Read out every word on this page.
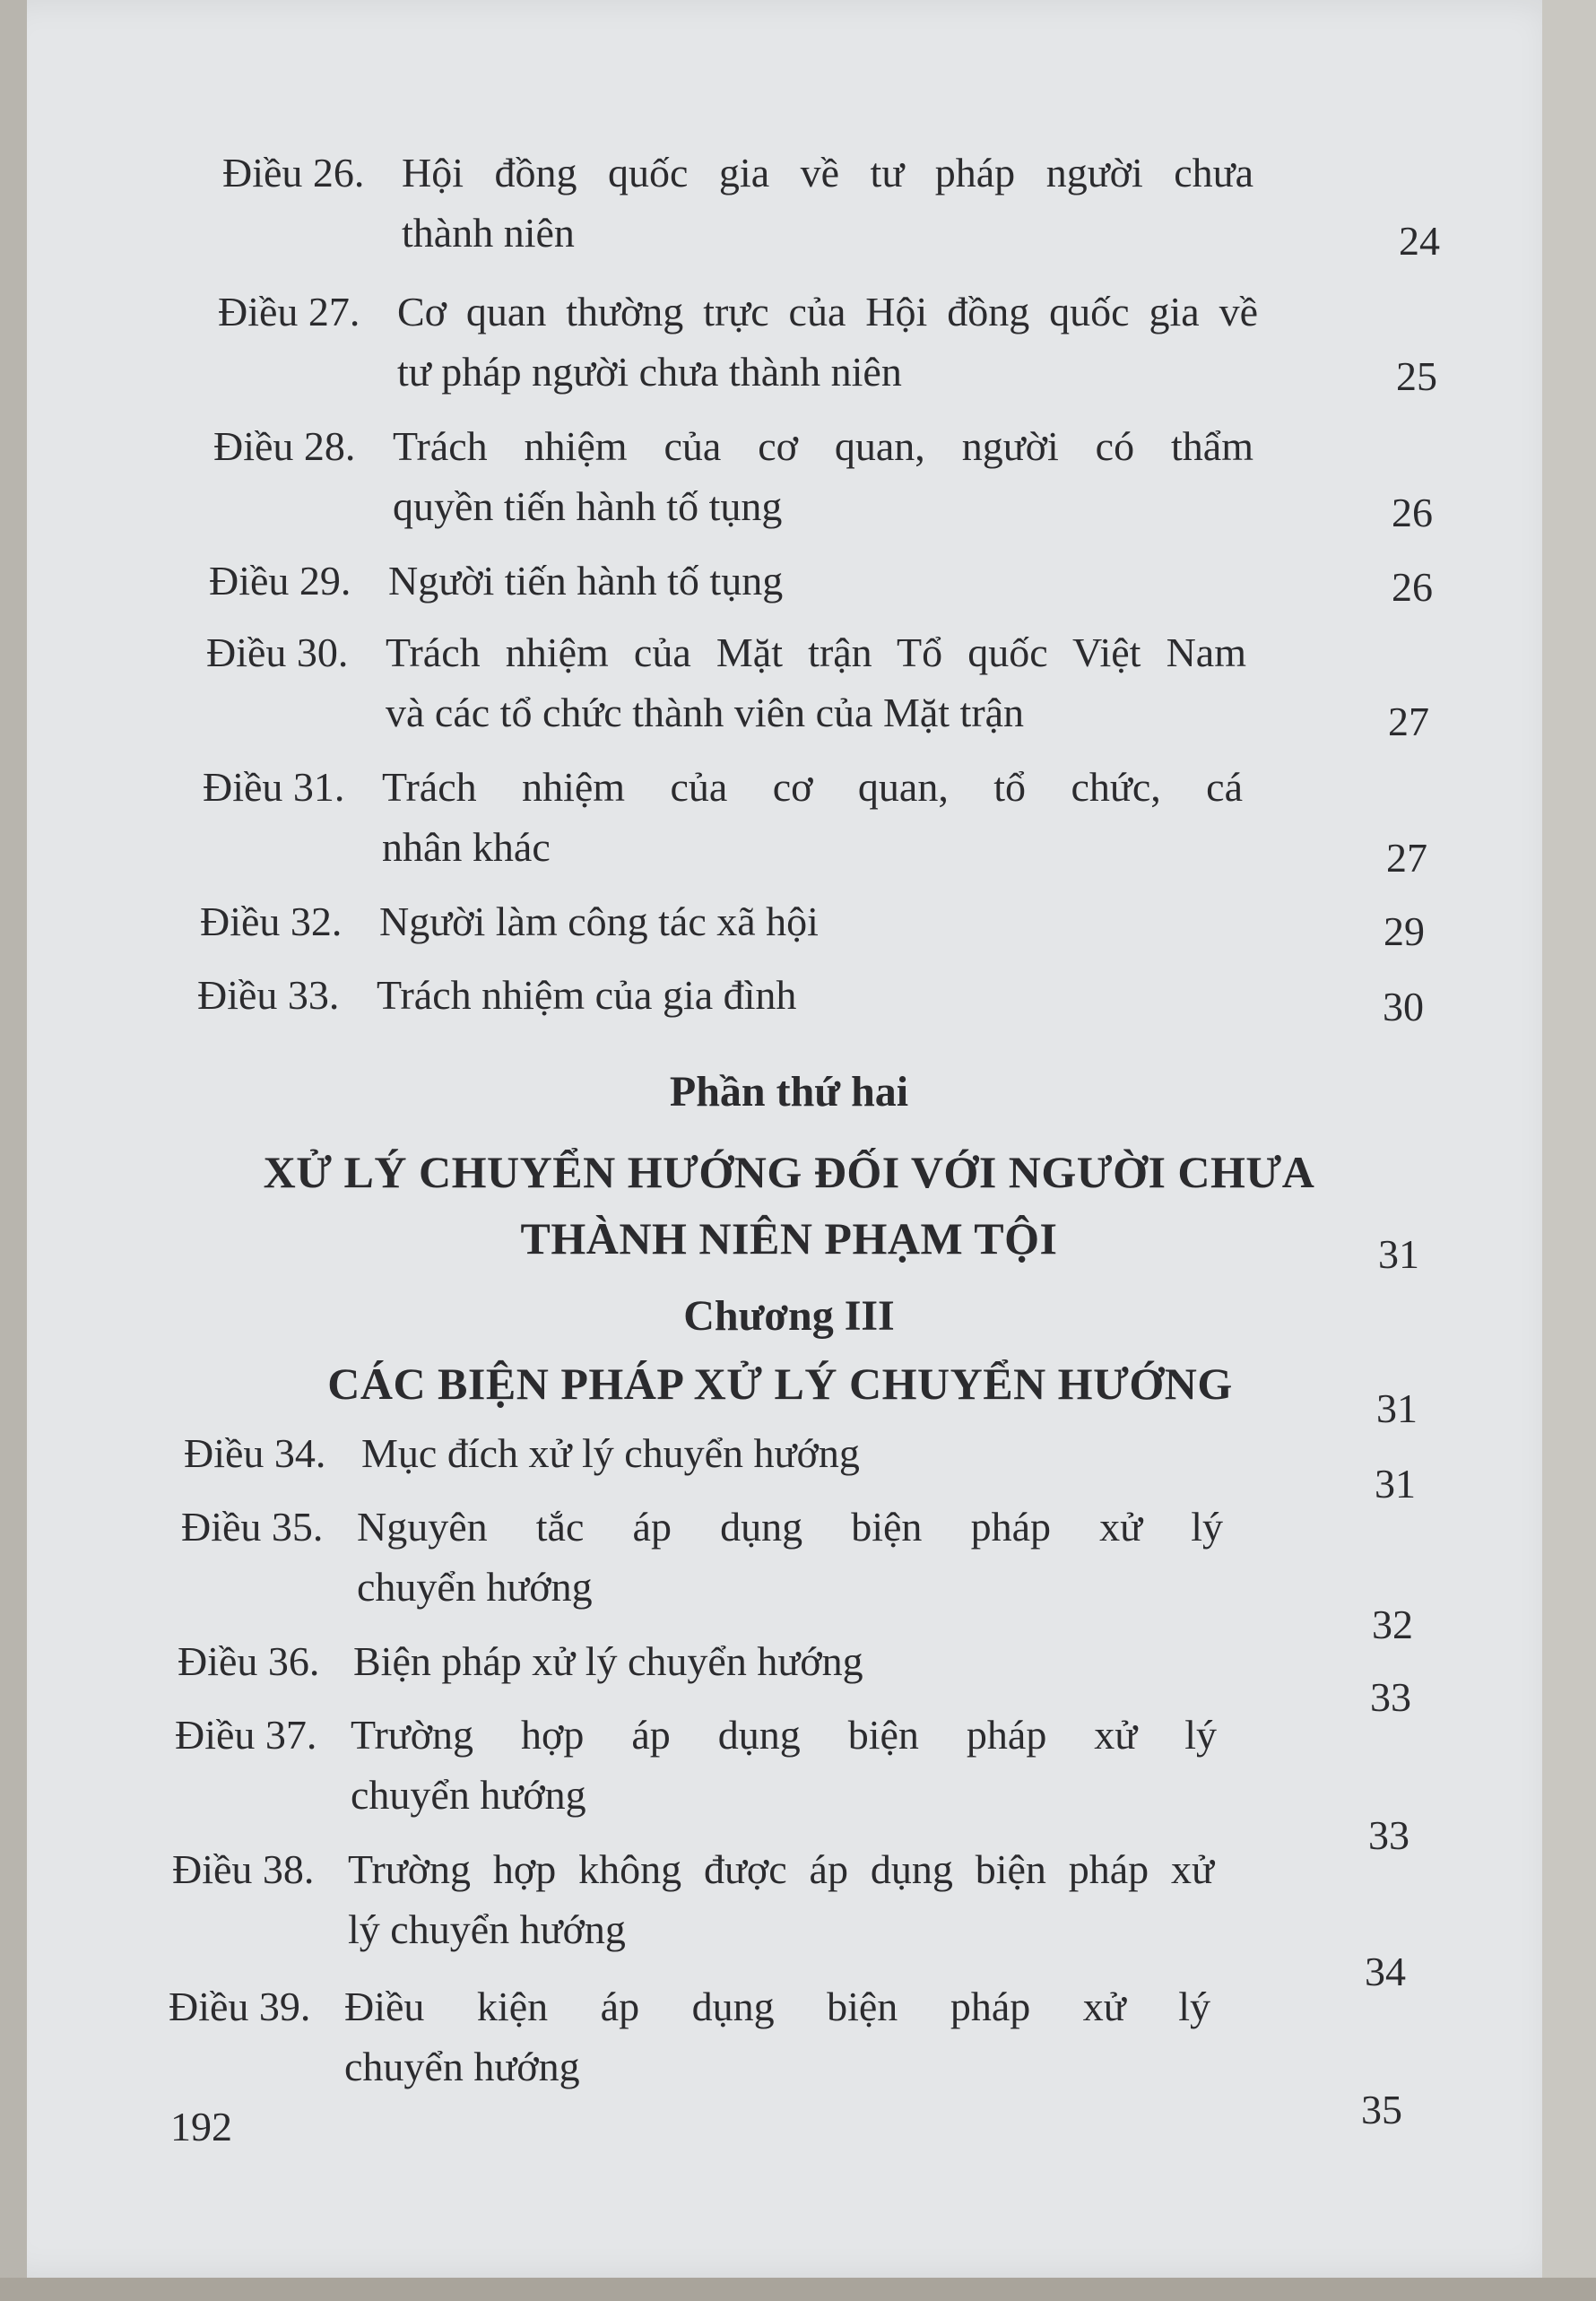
Điều 26. Hội đồng quốc gia về tư pháp người chưa
thành niên	24
Điều 27. Cơ quan thường trực của Hội đồng quốc gia về
tư pháp người chưa thành niên	25
Điều 28. Trách nhiệm của cơ quan, người có thẩm
quyền tiến hành tố tụng	26
Điều 29. Người tiến hành tố tụng	26
Điều 30. Trách nhiệm của Mặt trận Tổ quốc Việt Nam
và các tổ chức thành viên của Mặt trận	27
Điều 31. Trách nhiệm của cơ quan, tổ chức, cá
nhân khác	27
Điều 32. Người làm công tác xã hội	29
Điều 33. Trách nhiệm của gia đình	30
Phần thứ hai
XỬ LÝ CHUYỂN HƯỚNG ĐỐI VỚI NGƯỜI CHƯA
THÀNH NIÊN PHẠM TỘI	31
Chương III
CÁC BIỆN PHÁP XỬ LÝ CHUYỂN HƯỚNG	31
Điều 34. Mục đích xử lý chuyển hướng
31
Điều 35. Nguyên tắc áp dụng biện pháp xử lý
chuyển hướng
32
Điều 36. Biện pháp xử lý chuyển hướng
33
Điều 37. Trường hợp áp dụng biện pháp xử lý
chuyển hướng
33
Điều 38. Trường hợp không được áp dụng biện pháp xử
lý chuyển hướng
34
Điều 39. Điều kiện áp dụng biện pháp xử lý
chuyển hướng
35
192
